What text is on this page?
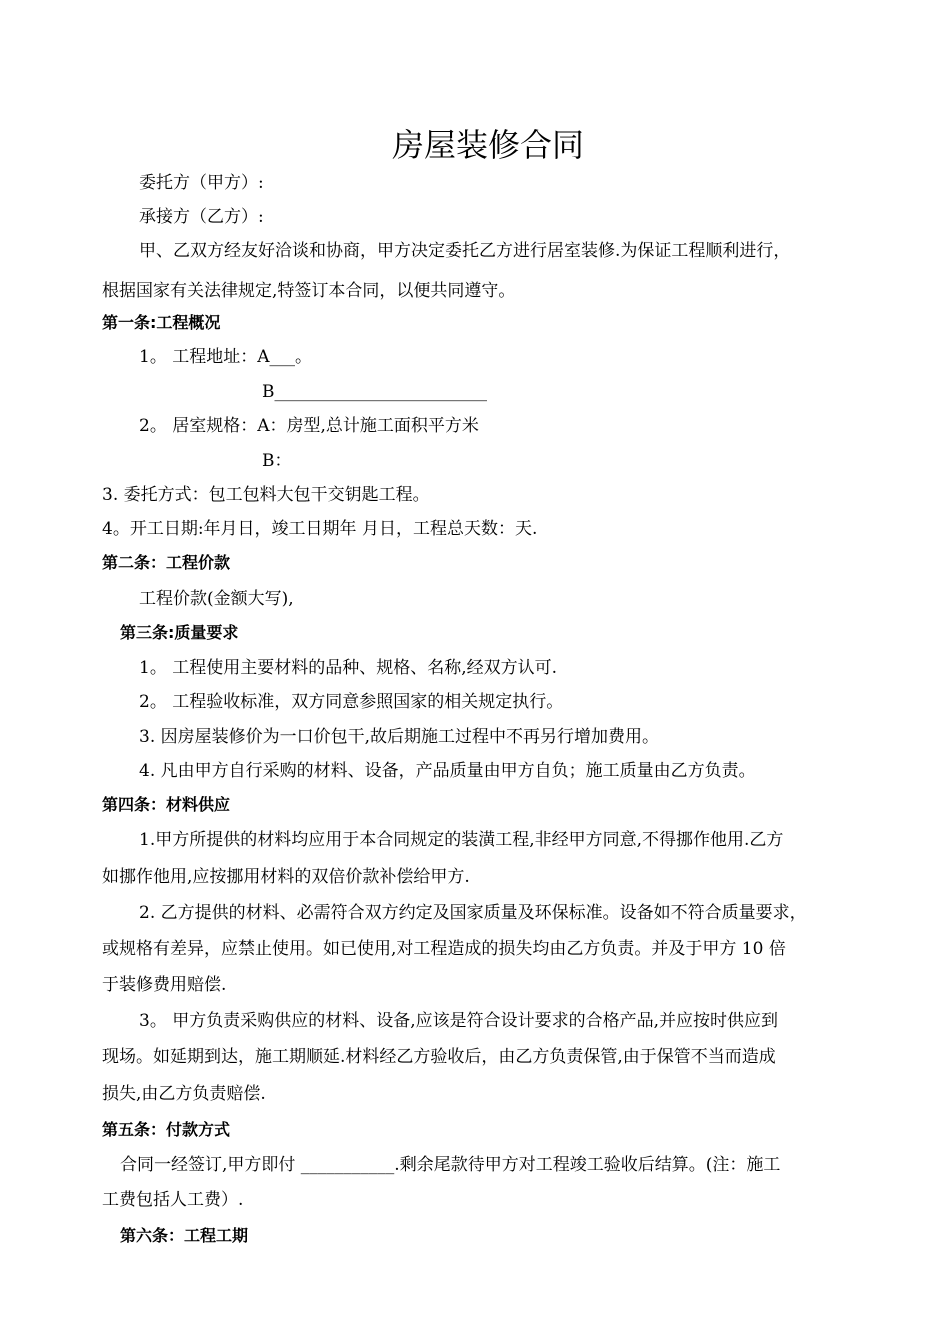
房屋装修合同
委托方（甲方）:
承接方（乙方）:
甲、乙双方经友好洽谈和协商，甲方决定委托乙方进行居室装修.为保证工程顺利进行，
根据国家有关法律规定,特签订本合同，以便共同遵守。
第一条:工程概况
1。 工程地址：A___。
B_________________________
2。 居室规格：A：房型,总计施工面积平方米
B：
3. 委托方式：包工包料大包干交钥匙工程。
4。开工日期:年月日，竣工日期年 月日，工程总天数：天.
第二条：工程价款
工程价款(金额大写),
第三条:质量要求
1。 工程使用主要材料的品种、规格、名称,经双方认可.
2。 工程验收标准，双方同意参照国家的相关规定执行。
3. 因房屋装修价为一口价包干,故后期施工过程中不再另行增加费用。
4. 凡由甲方自行采购的材料、设备，产品质量由甲方自负；施工质量由乙方负责。
第四条：材料供应
1.甲方所提供的材料均应用于本合同规定的装潢工程,非经甲方同意,不得挪作他用.乙方
如挪作他用,应按挪用材料的双倍价款补偿给甲方.
2. 乙方提供的材料、必需符合双方约定及国家质量及环保标准。设备如不符合质量要求，
或规格有差异，应禁止使用。如已使用,对工程造成的损失均由乙方负责。并及于甲方 10 倍
于装修费用赔偿.
3。 甲方负责采购供应的材料、设备,应该是符合设计要求的合格产品,并应按时供应到
现场。如延期到达，施工期顺延.材料经乙方验收后，由乙方负责保管,由于保管不当而造成
损失,由乙方负责赔偿.
第五条：付款方式
合同一经签订,甲方即付 ___________.剩余尾款待甲方对工程竣工验收后结算。(注：施工
工费包括人工费）.
第六条：工程工期
